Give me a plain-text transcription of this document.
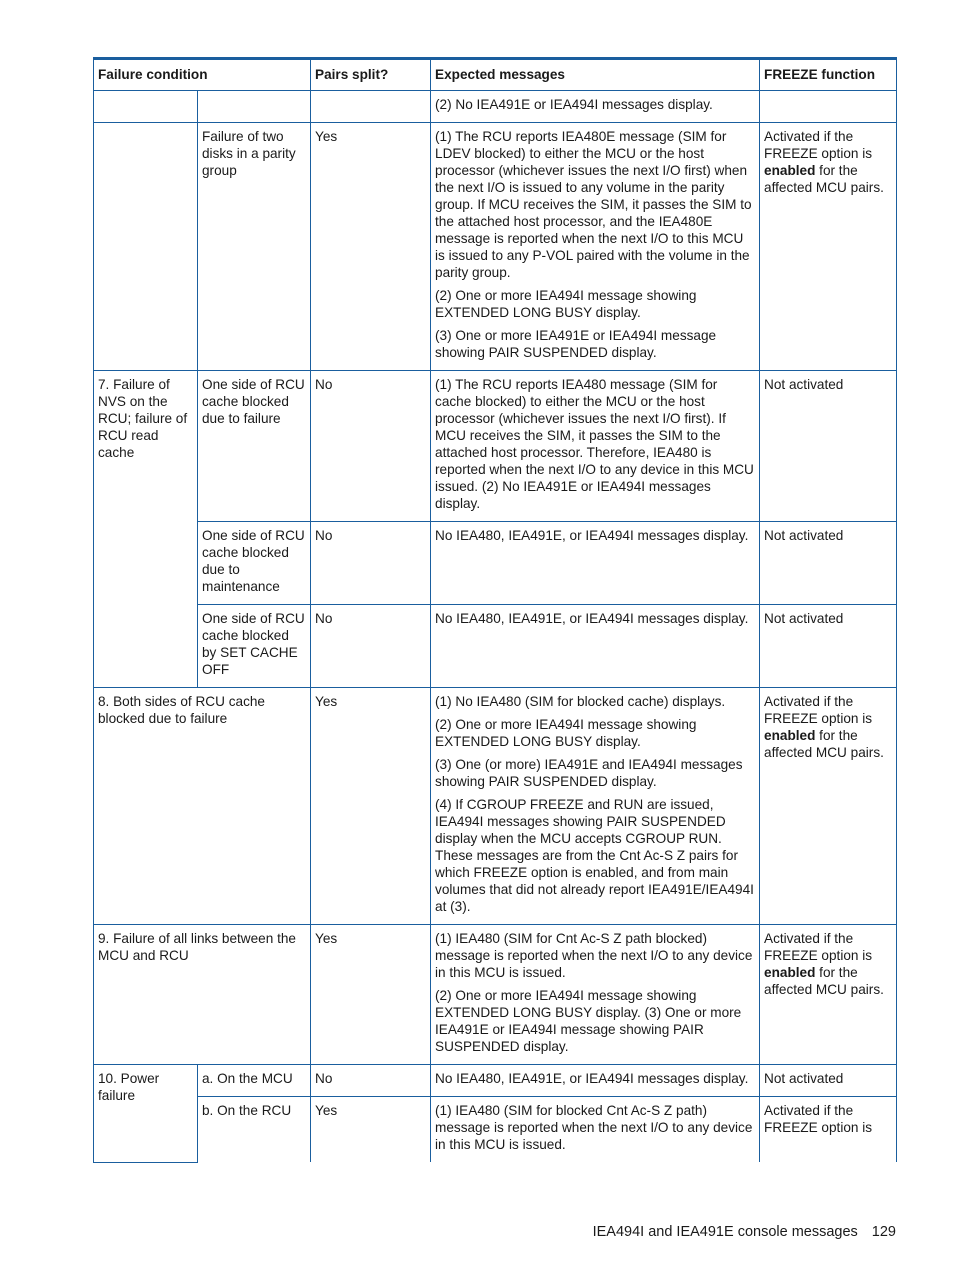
Failure condition		Pairs split?	Expected messages	FREEZE function

			(2) No IEA491E or IEA494I messages display.	

	Failure of two disks in a parity group	Yes	(1) The RCU reports IEA480E message (SIM for LDEV blocked) to either the MCU or the host processor (whichever issues the next I/O first) when the next I/O is issued to any volume in the parity group. If MCU receives the SIM, it passes the SIM to the attached host processor, and the IEA480E message is reported when the next I/O to this MCU is issued to any P-VOL paired with the volume in the parity group.

(2) One or more IEA494I message showing EXTENDED LONG BUSY display.

(3) One or more IEA491E or IEA494I message showing PAIR SUSPENDED display.	Activated if the FREEZE option is enabled for the affected MCU pairs.
7. Failure of NVS on the RCU; failure of RCU read cache	One side of RCU cache blocked due to failure	No	(1) The RCU reports IEA480 message (SIM for cache blocked) to either the MCU or the host processor (whichever issues the next I/O first). If MCU receives the SIM, it passes the SIM to the attached host processor. Therefore, IEA480 is reported when the next I/O to any device in this MCU issued. (2) No IEA491E or IEA494I messages display.	Not activated
	One side of RCU cache blocked due to maintenance	No	No IEA480, IEA491E, or IEA494I messages display.	Not activated
	One side of RCU cache blocked by SET CACHE OFF	No	No IEA480, IEA491E, or IEA494I messages display.	Not activated
8. Both sides of RCU cache blocked due to failure		Yes	(1) No IEA480 (SIM for blocked cache) displays.

(2) One or more IEA494I message showing EXTENDED LONG BUSY display.

(3) One (or more) IEA491E and IEA494I messages showing PAIR SUSPENDED display.

(4) If CGROUP FREEZE and RUN are issued, IEA494I messages showing PAIR SUSPENDED display when the MCU accepts CGROUP RUN. These messages are from the Cnt Ac-S Z pairs for which FREEZE option is enabled, and from main volumes that did not already report IEA491E/IEA494I at (3).	Activated if the FREEZE option is enabled for the affected MCU pairs.
9. Failure of all links between the MCU and RCU		Yes	(1) IEA480 (SIM for Cnt Ac-S Z path blocked) message is reported when the next I/O to any device in this MCU is issued.

(2) One or more IEA494I message showing EXTENDED LONG BUSY display. (3) One or more IEA491E or IEA494I message showing PAIR SUSPENDED display.	Activated if the FREEZE option is enabled for the affected MCU pairs.
10. Power failure	a. On the MCU	No	No IEA480, IEA491E, or IEA494I messages display.	Not activated
	b. On the RCU	Yes	(1) IEA480 (SIM for blocked Cnt Ac-S Z path) message is reported when the next I/O to any device in this MCU is issued.	Activated if the FREEZE option is
IEA494I and IEA491E console messages 129
